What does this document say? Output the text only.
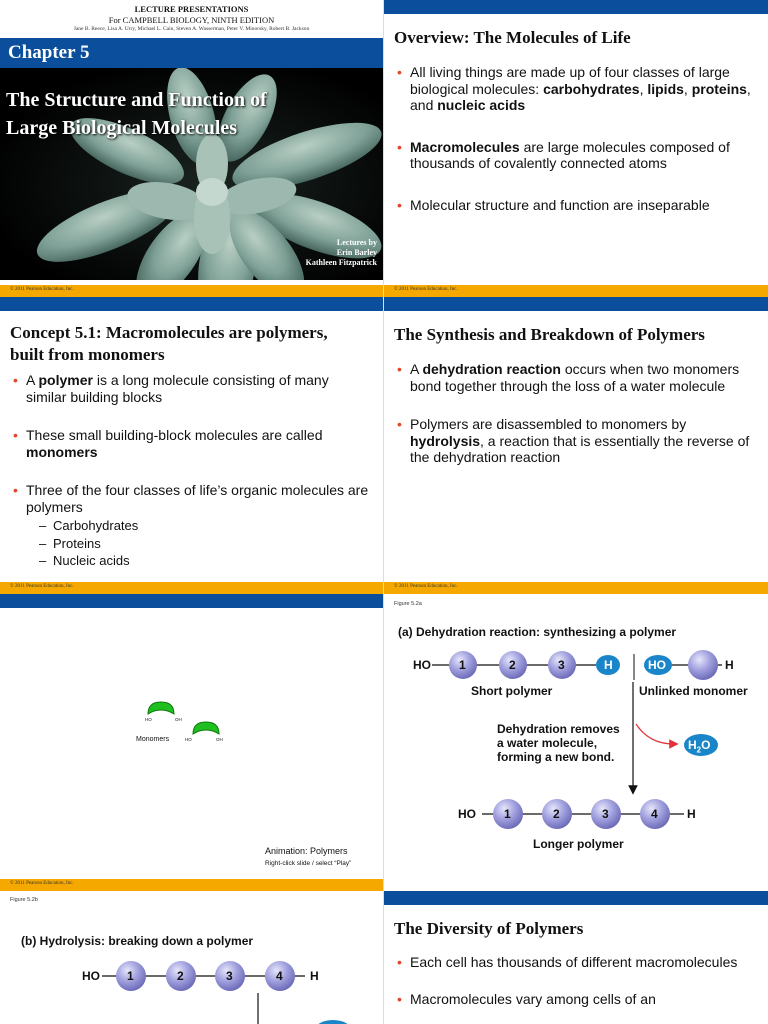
LECTURE PRESENTATIONS
For CAMPBELL BIOLOGY, NINTH EDITION
Jane B. Reece, Lisa A. Urry, Michael L. Cain, Steven A. Wasserman, Peter V. Minorsky, Robert B. Jackson
Chapter 5
The Structure and Function of
Large Biological Molecules
Lectures by
Erin Barley
Kathleen Fitzpatrick
© 2011 Pearson Education, Inc.
Overview: The Molecules of Life
• All living things are made up of four classes of large biological molecules: carbohydrates, lipids, proteins, and nucleic acids
• Macromolecules are large molecules composed of thousands of covalently connected atoms
• Molecular structure and function are inseparable
© 2011 Pearson Education, Inc.
Concept 5.1: Macromolecules are polymers,
built from monomers
• A polymer is a long molecule consisting of many similar building blocks
• These small building-block molecules are called monomers
• Three of the four classes of life’s organic molecules are polymers
– Carbohydrates
– Proteins
– Nucleic acids
© 2011 Pearson Education, Inc.
The Synthesis and Breakdown of Polymers
• A dehydration reaction occurs when two monomers bond together through the loss of a water molecule
• Polymers are disassembled to monomers by hydrolysis, a reaction that is essentially the reverse of the dehydration reaction
© 2011 Pearson Education, Inc.
HO	OH
HO	OH
Monomers
Animation: Polymers
Right-click slide / select “Play”
© 2011 Pearson Education, Inc.
Figure 5.2a
(a) Dehydration reaction: synthesizing a polymer
HO 1	2	3	H	HO	H
Short polymer	Unlinked monomer
Dehydration removes
a water molecule,
forming a new bond.
$H_2O$
HO 1	2	3	4 H
Longer polymer
Figure 5.2b
(b) Hydrolysis: breaking down a polymer
HO 1	2	3	4 H
The Diversity of Polymers
• Each cell has thousands of different macromolecules
• Macromolecules vary among cells of an
